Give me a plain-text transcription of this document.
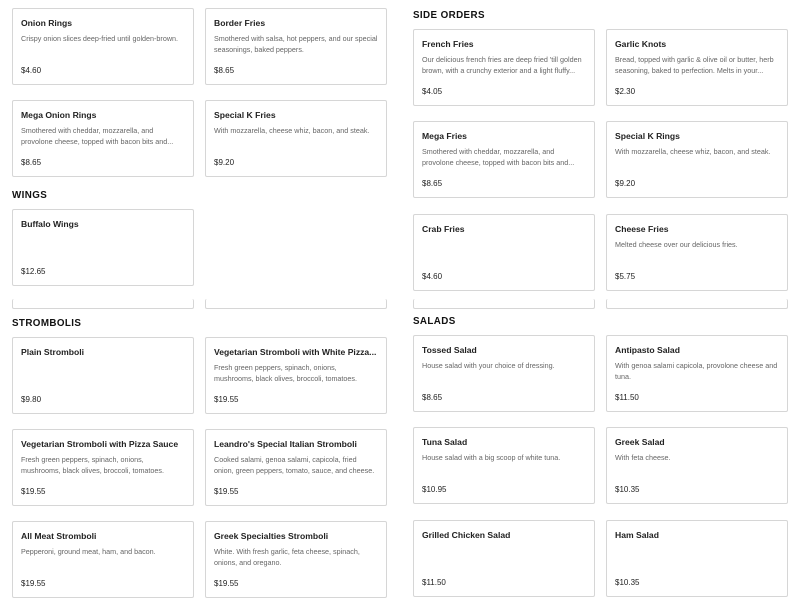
Onion Rings
Crispy onion slices deep-fried until golden-brown.
$4.60
Border Fries
Smothered with salsa, hot peppers, and our special seasonings, baked peppers.
$8.65
Mega Onion Rings
Smothered with cheddar, mozzarella, and provolone cheese, topped with bacon bits and...
$8.65
Special K Fries
With mozzarella, cheese whiz, bacon, and steak.
$9.20
WINGS
Buffalo Wings
$12.65
STROMBOLIS
Plain Stromboli
$9.80
Vegetarian Stromboli with White Pizza...
Fresh green peppers, spinach, onions, mushrooms, black olives, broccoli, tomatoes.
$19.55
Vegetarian Stromboli with Pizza Sauce
Fresh green peppers, spinach, onions, mushrooms, black olives, broccoli, tomatoes.
$19.55
Leandro's Special Italian Stromboli
Cooked salami, genoa salami, capicola, fried onion, green peppers, tomato, sauce, and cheese.
$19.55
All Meat Stromboli
Pepperoni, ground meat, ham, and bacon.
$19.55
Greek Specialties Stromboli
White. With fresh garlic, feta cheese, spinach, onions, and oregano.
$19.55
SIDE ORDERS
French Fries
Our delicious french fries are deep fried 'till golden brown, with a crunchy exterior and a light fluffy...
$4.05
Garlic Knots
Bread, topped with garlic & olive oil or butter, herb seasoning, baked to perfection. Melts in your...
$2.30
Mega Fries
Smothered with cheddar, mozzarella, and provolone cheese, topped with bacon bits and...
$8.65
Special K Rings
With mozzarella, cheese whiz, bacon, and steak.
$9.20
Crab Fries
$4.60
Cheese Fries
Melted cheese over our delicious fries.
$5.75
SALADS
Tossed Salad
House salad with your choice of dressing.
$8.65
Antipasto Salad
With genoa salami capicola, provolone cheese and tuna.
$11.50
Tuna Salad
House salad with a big scoop of white tuna.
$10.95
Greek Salad
With feta cheese.
$10.35
Grilled Chicken Salad
$11.50
Ham Salad
$10.35
